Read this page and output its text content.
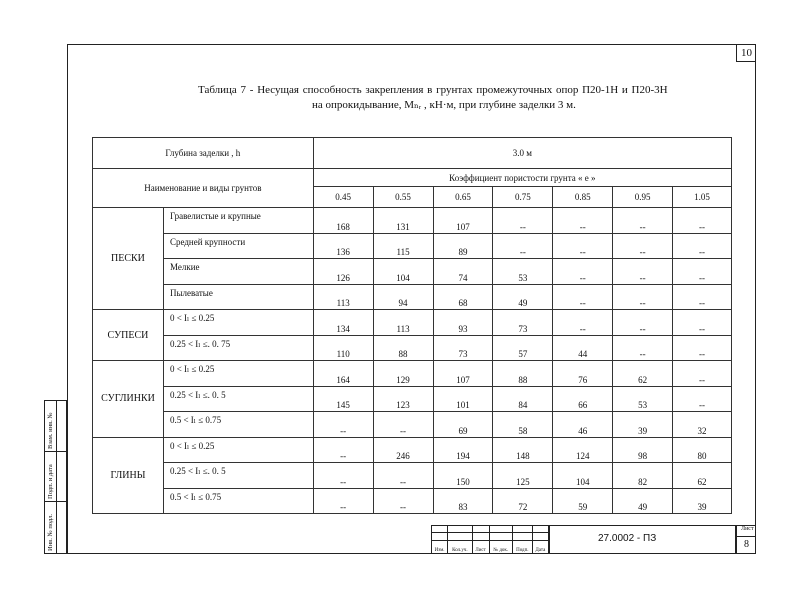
10
Таблица 7 - Несущая способность закрепления в грунтах промежуточных опор П20-1Н и П20-3Н
на опрокидывание, Мₙᵣ , кН·м, при глубине заделки 3 м.
Глубина заделки , h		3.0 м						
Наименование и виды грунтов		Коэффициент пористости грунта « е »						
		0.45	0.55	0.65	0.75	0.85	0.95	1.05
ПЕСКИ	Гравелистые и крупные	168	131	107	--	--	--	--
	Средней крупности	136	115	89	--	--	--	--
	Мелкие	126	104	74	53	--	--	--
	Пылеватые	113	94	68	49	--	--	--
СУПЕСИ	0 < Iₗ ≤ 0.25	134	113	93	73	--	--	--
	0.25 < Iₗ ≤. 0. 75	110	88	73	57	44	--	--
СУГЛИНКИ	0 < Iₗ ≤ 0.25	164	129	107	88	76	62	--
	0.25 < Iₗ ≤. 0. 5	145	123	101	84	66	53	--
	0.5 < Iₗ ≤ 0.75	--	--	69	58	46	39	32
ГЛИНЫ	0 < Iₗ ≤ 0.25	--	246	194	148	124	98	80
	0.25 < Iₗ ≤. 0. 5	--	--	150	125	104	82	62
	0.5 < Iₗ ≤ 0.75	--	--	83	72	59	49	39
Инв. № подл.
Подп. и дата
Взам. инв. №

Изм.	Кол.уч.	Лист	№ док.	Подп.	Дата
27.0002 - ПЗ
Лист
8
